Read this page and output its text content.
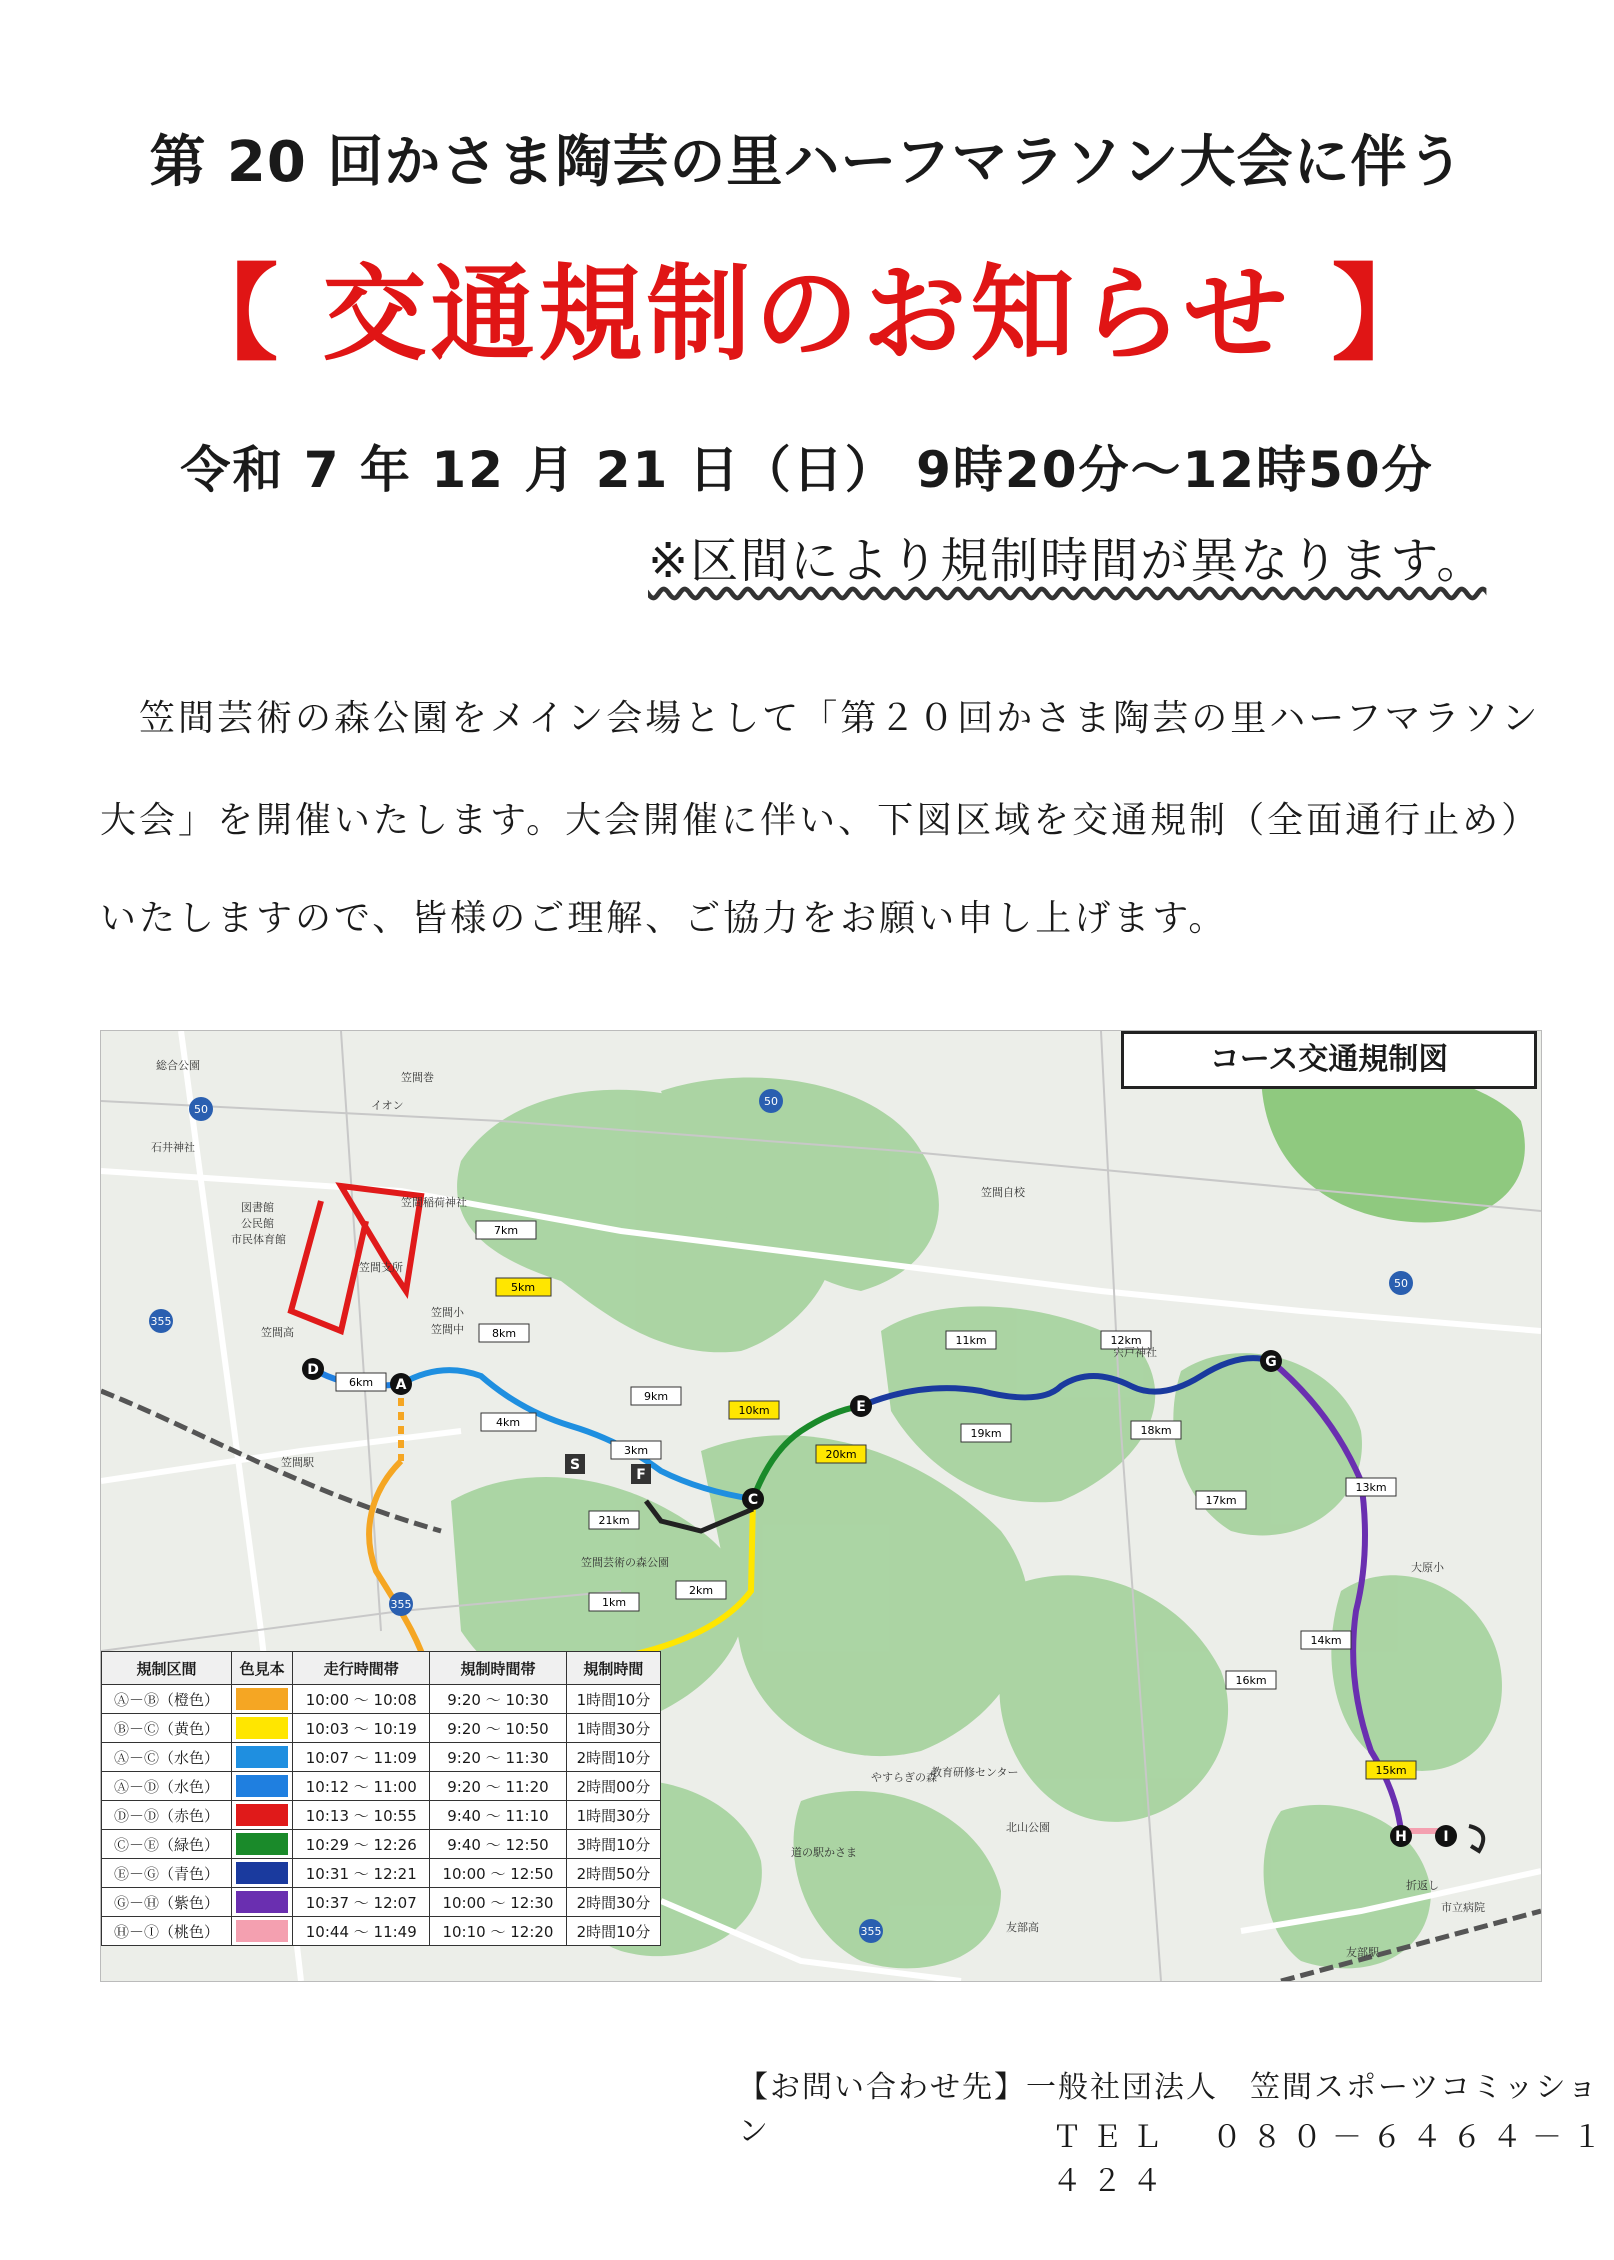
第 20 回かさま陶芸の里ハーフマラソン大会に伴う
【 交通規制のお知らせ 】
令和 7 年 12 月 21 日（日） 9時20分～12時50分
※区間により規制時間が異なります。
　笠間芸術の森公園をメイン会場として「第２０回かさま陶芸の里ハーフマラソン
大会」を開催いたします。大会開催に伴い、下図区域を交通規制（全面通行止め）
いたしますので、皆様のご理解、ご協力をお願い申し上げます。
D
A
C
E
G
H	I
S
F
7km
5km
8km
6km
4km
9km
3km
21km
1km
2km
10km
20km
11km
19km
12km
18km
17km
13km
14km
16km
15km
総合公園
笠間巻
イオン
石井神社
図書館
公民館
市民体育館
笠間稲荷神社
笠間支所
笠間小
笠間中
笠間高
笠間駅
笠間芸術の森公園
笠間自校
宍戸神社
大原小
やすらぎの森
教育研修センター
北山公園
道の駅かさま
友部高
市立病院
友部駅
折返し
50
50
50
355
355
355
コース交通規制図
規制区間	色見本	走行時間帯	規制時間帯	規制時間
Ⓐ－Ⓑ（橙色）		10:00 ～ 10:08	9:20 ～ 10:30	1時間10分
Ⓑ－Ⓒ（黄色）		10:03 ～ 10:19	9:20 ～ 10:50	1時間30分
Ⓐ－Ⓒ（水色）		10:07 ～ 11:09	9:20 ～ 11:30	2時間10分
Ⓐ－Ⓓ（水色）		10:12 ～ 11:00	9:20 ～ 11:20	2時間00分
Ⓓ－Ⓓ（赤色）		10:13 ～ 10:55	9:40 ～ 11:10	1時間30分
Ⓒ－Ⓔ（緑色）		10:29 ～ 12:26	9:40 ～ 12:50	3時間10分
Ⓔ－Ⓖ（青色）		10:31 ～ 12:21	10:00 ～ 12:50	2時間50分
Ⓖ－Ⓗ（紫色）		10:37 ～ 12:07	10:00 ～ 12:30	2時間30分
Ⓗ－Ⓘ（桃色）		10:44 ～ 11:49	10:10 ～ 12:20	2時間10分
【お問い合わせ先】一般社団法人　笠間スポーツコミッション	ＴＥＬ　０８０－６４６４－１４２４
